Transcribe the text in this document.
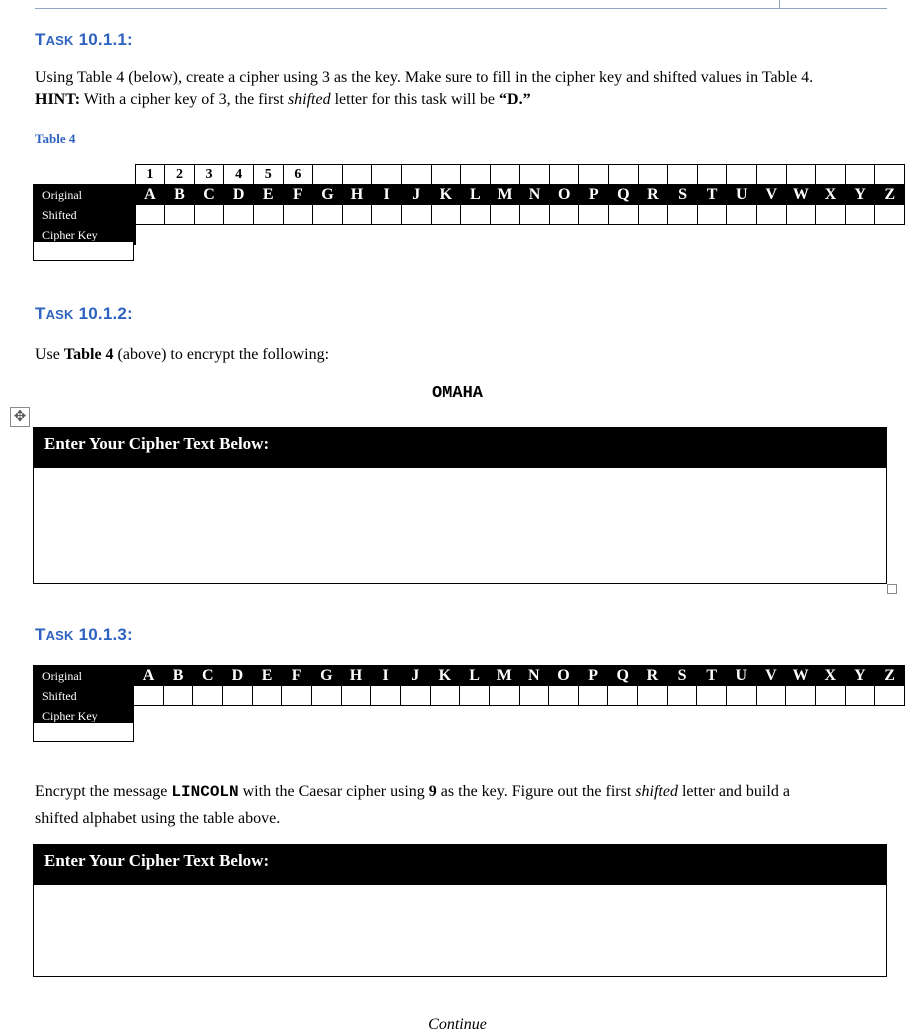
TASK 10.1.1:
Using Table 4 (below), create a cipher using 3 as the key. Make sure to fill in the cipher key and shifted values in Table 4.
HINT: With a cipher key of 3, the first shifted letter for this task will be “D.”
Table 4
	1	2	3	4	5	6																				
Original	A	B	C	D	E	F	G	H	I	J	K	L	M	N	O	P	Q	R	S	T	U	V	W	X	Y	Z
Shifted																										
Cipher Key																										
TASK 10.1.2:
Use Table 4 (above) to encrypt the following:
OMAHA
✥
Enter Your Cipher Text Below:
TASK 10.1.3:
Original	A	B	C	D	E	F	G	H	I	J	K	L	M	N	O	P	Q	R	S	T	U	V	W	X	Y	Z
Shifted																										
Cipher Key																										
Encrypt the message LINCOLN with the Caesar cipher using 9 as the key. Figure out the first shifted letter and build a
shifted alphabet using the table above.
Enter Your Cipher Text Below:
Continue
